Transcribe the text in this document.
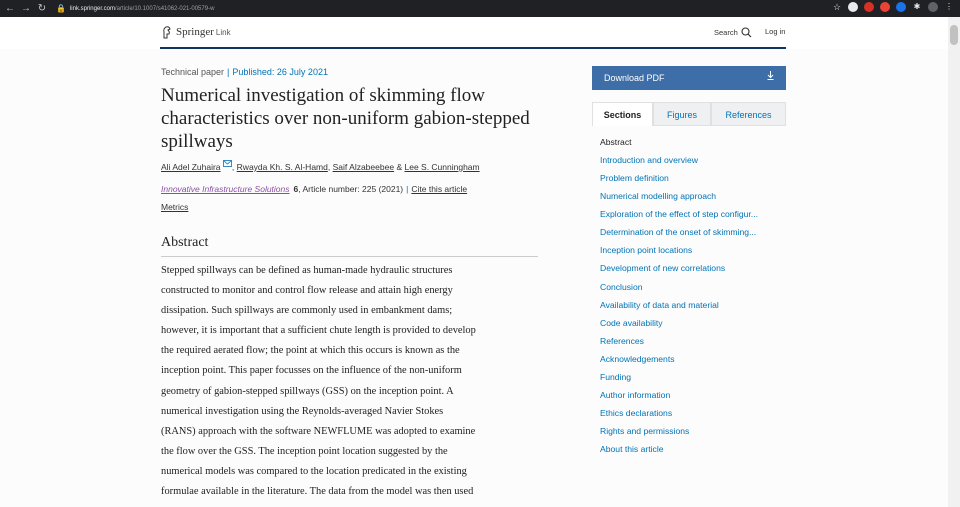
← → ↻ 🔒 link.springer.com/article/10.1007/s41062-021-00579-w	☆	✱	⋮
Springer Link	Search	Log in
Technical paper | Published: 26 July 2021
Numerical investigation of skimming flow characteristics over non-uniform gabion-stepped spillways
Ali Adel Zuhaira , Rwayda Kh. S. Al-Hamd, Saif Alzabeebee & Lee S. Cunningham
Innovative Infrastructure Solutions 6, Article number: 225 (2021) | Cite this article
Metrics
Abstract
Stepped spillways can be defined as human-made hydraulic structures
constructed to monitor and control flow release and attain high energy
dissipation. Such spillways are commonly used in embankment dams;
however, it is important that a sufficient chute length is provided to develop
the required aerated flow; the point at which this occurs is known as the
inception point. This paper focusses on the influence of the non-uniform
geometry of gabion-stepped spillways (GSS) on the inception point. A
numerical investigation using the Reynolds-averaged Navier Stokes
(RANS) approach with the software NEWFLUME was adopted to examine
the flow over the GSS. The inception point location suggested by the
numerical models was compared to the location predicated in the existing
formulae available in the literature. The data from the model was then used
Download PDF
Sections	Figures	References
Abstract
Introduction and overview
Problem definition
Numerical modelling approach
Exploration of the effect of step configur...
Determination of the onset of skimming...
Inception point locations
Development of new correlations
Conclusion
Availability of data and material
Code availability
References
Acknowledgements
Funding
Author information
Ethics declarations
Rights and permissions
About this article
